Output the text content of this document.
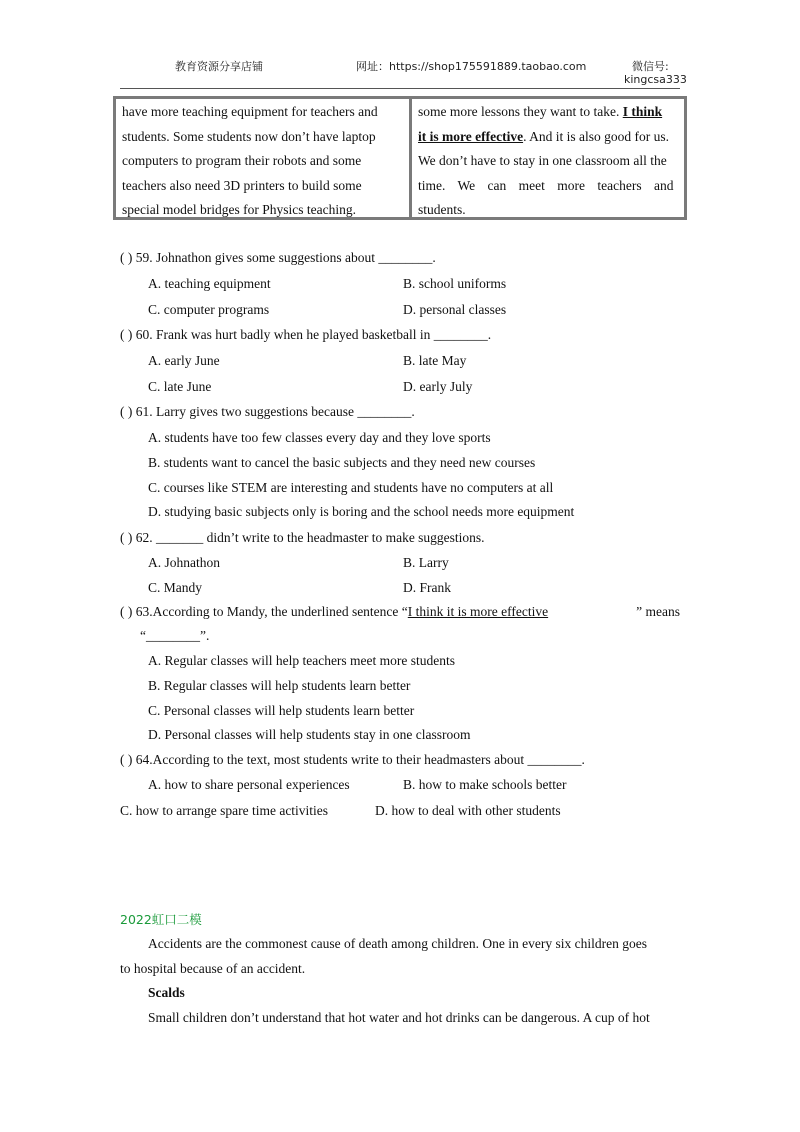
教育资源分享店铺	网址：https://shop175591889.taobao.com	微信号:
kingcsa333
have more teaching equipment for teachers and
students. Some students now don’t have laptop
computers to program their robots and some
teachers also need 3D printers to build some
special model bridges for Physics teaching.
some more lessons they want to take. I think
it is more effective. And it is also good for us.
We don’t have to stay in one classroom all the
time. We can meet more teachers and
students.
( ) 59. Johnathon gives some suggestions about ________.
A. teaching equipment	B. school uniforms
C. computer programs	D. personal classes
( ) 60. Frank was hurt badly when he played basketball in ________.
A. early June	B. late May
C. late June	D. early July
( ) 61. Larry gives two suggestions because ________.
A. students have too few classes every day and they love sports
B. students want to cancel the basic subjects and they need new courses
C. courses like STEM are interesting and students have no computers at all
D. studying basic subjects only is boring and the school needs more equipment
( ) 62. _______ didn’t write to the headmaster to make suggestions.
A. Johnathon	B. Larry
C. Mandy	D. Frank
( ) 63.According to Mandy, the underlined sentence “ I think it is more effective	” means
“________”.
A. Regular classes will help teachers meet more students
B. Regular classes will help students learn better
C. Personal classes will help students learn better
D. Personal classes will help students stay in one classroom
( ) 64.According to the text, most students write to their headmasters about ________.
A. how to share personal experiences	B. how to make schools better
C. how to arrange spare time activities	D. how to deal with other students
2022虹口二模
Accidents are the commonest cause of death among children. One in every six children goes
to hospital because of an accident.
Scalds
Small children don’t understand that hot water and hot drinks can be dangerous. A cup of hot
